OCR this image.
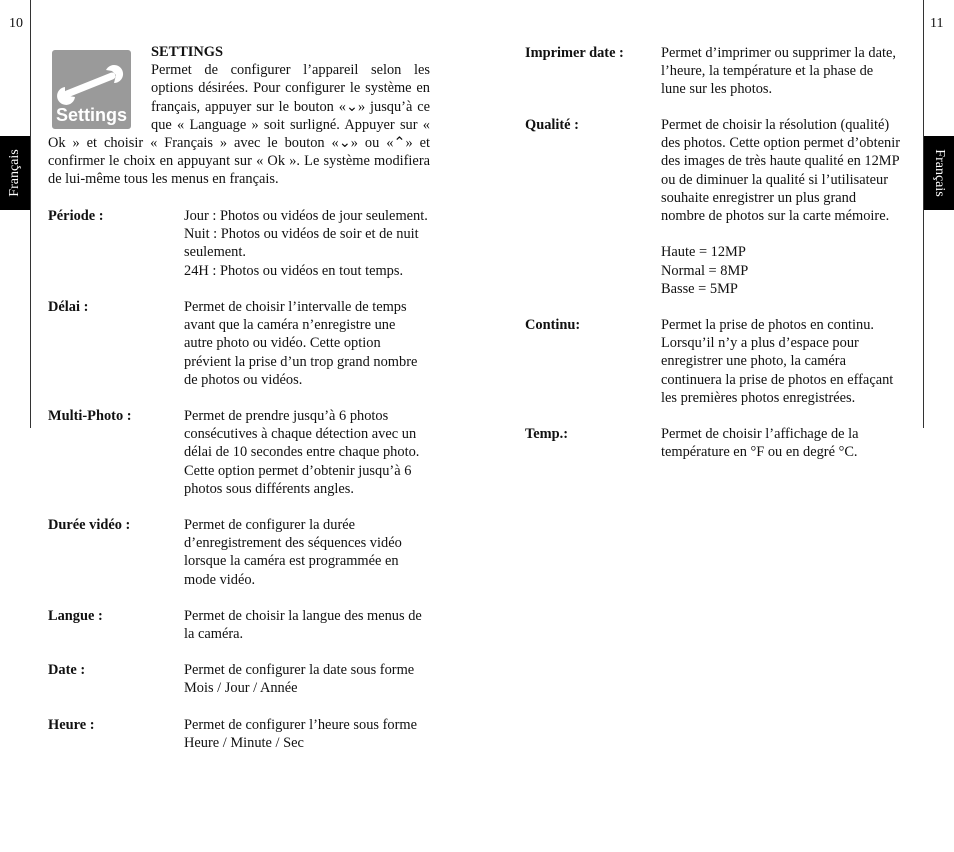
10	11
Français	Français
Settings
SETTINGS
Permet de configurer l’appareil selon les options désirées. Pour configurer le système en français, appuyer sur le bouton «⌄» jusqu’à ce que « Language » soit surligné. Appuyer sur « Ok » et choisir « Français » avec le bouton «⌄» ou «⌃» et confirmer le choix en appuyant sur « Ok ». Le système modifiera de lui-même tous les menus en français.
Période :	Jour : Photos ou vidéos de jour seulement.
Nuit : Photos ou vidéos de soir et de nuit
seulement.
24H : Photos ou vidéos en tout temps.
Délai :	Permet de choisir l’intervalle de temps
avant que la caméra n’enregistre une
autre photo ou vidéo. Cette option
prévient la prise d’un trop grand nombre
de photos ou vidéos.
Multi-Photo :	Permet de prendre jusqu’à 6 photos
consécutives à chaque détection avec un
délai de 10 secondes entre chaque photo.
Cette option permet d’obtenir jusqu’à 6
photos sous différents angles.
Durée vidéo :	Permet de configurer la durée
d’enregistrement des séquences vidéo
lorsque la caméra est programmée en
mode vidéo.
Langue :	Permet de choisir la langue des menus de
la caméra.
Date :	Permet de configurer la date sous forme
Mois / Jour / Année
Heure :	Permet de configurer l’heure sous forme
Heure / Minute / Sec
Imprimer date :	Permet d’imprimer ou supprimer la date,
l’heure, la température et la phase de
lune sur les photos.
Qualité :	Permet de choisir la résolution (qualité)
des photos. Cette option permet d’obtenir
des images de très haute qualité en 12MP
ou de diminuer la qualité si l’utilisateur
souhaite enregistrer un plus grand
nombre de photos sur la carte mémoire.

Haute = 12MP
Normal = 8MP
Basse = 5MP
Continu:	Permet la prise de photos en continu.
Lorsqu’il n’y a plus d’espace pour
enregistrer une photo, la caméra
continuera la prise de photos en effaçant
les premières photos enregistrées.
Temp.:	Permet de choisir l’affichage de la
température en °F ou en degré °C.
